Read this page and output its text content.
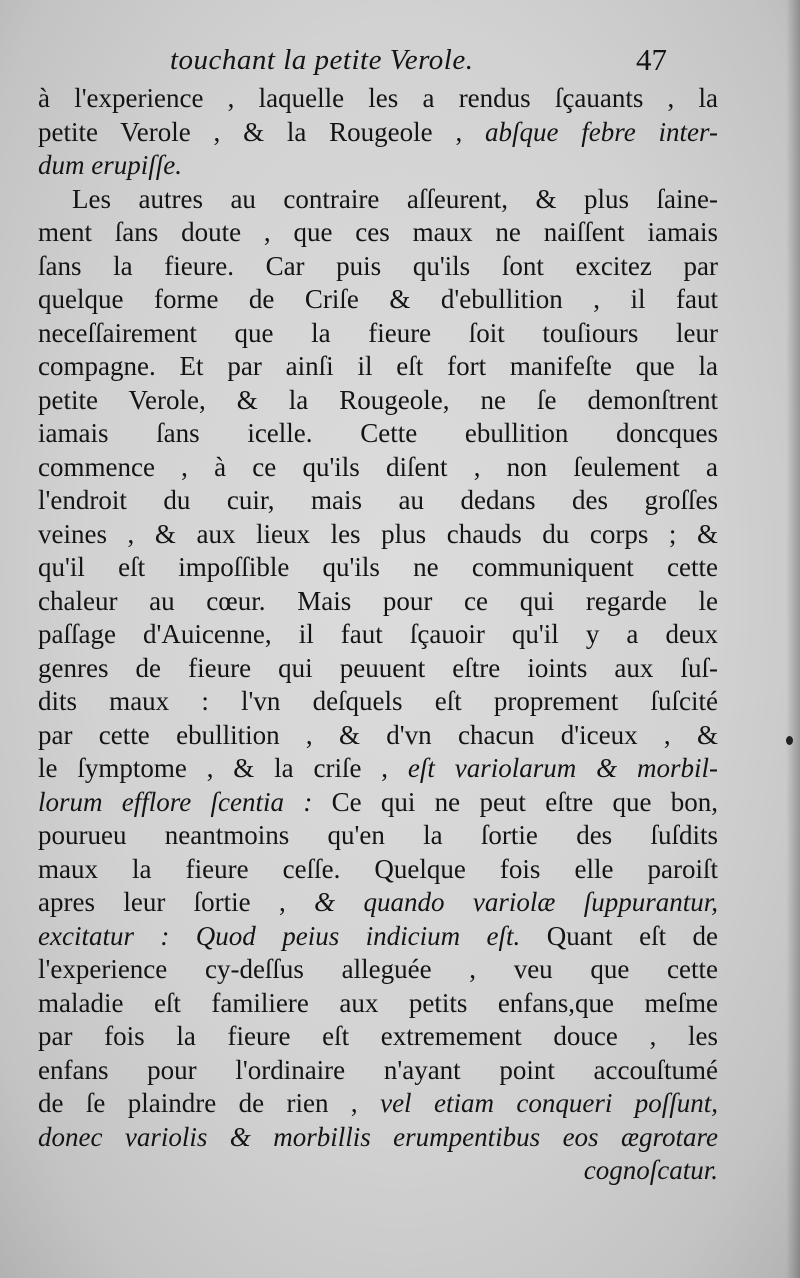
touchant la petite Verole.	47
à l'experience , laquelle les a rendus ſçauants , la
petite Verole , & la Rougeole , abſque febre inter-
dum erupiſſe.
Les autres au contraire aſſeurent, & plus ſaine-
ment ſans doute , que ces maux ne naiſſent iamais
ſans la fieure. Car puis qu'ils ſont excitez par
quelque forme de Criſe & d'ebullition , il faut
neceſſairement que la fieure ſoit touſiours leur
compagne. Et par ainſi il eſt fort manifeſte que la
petite Verole, & la Rougeole, ne ſe demonſtrent
iamais ſans icelle. Cette ebullition doncques
commence , à ce qu'ils diſent , non ſeulement a
l'endroit du cuir, mais au dedans des groſſes
veines , & aux lieux les plus chauds du corps ; &
qu'il eſt impoſſible qu'ils ne communiquent cette
chaleur au cœur. Mais pour ce qui regarde le
paſſage d'Auicenne, il faut ſçauoir qu'il y a deux
genres de fieure qui peuuent eſtre ioints aux ſuſ-
dits maux : l'vn deſquels eſt proprement ſuſcité
par cette ebullition , & d'vn chacun d'iceux , &
le ſymptome , & la criſe , eſt variolarum & morbil-
lorum efflore ſcentia : Ce qui ne peut eſtre que bon,
pourueu neantmoins qu'en la ſortie des ſuſdits
maux la fieure ceſſe. Quelque fois elle paroiſt
apres leur ſortie , & quando variolæ ſuppurantur,
excitatur : Quod peius indicium eſt. Quant eſt de
l'experience cy-deſſus alleguée , veu que cette
maladie eſt familiere aux petits enfans,que meſme
par fois la fieure eſt extremement douce , les
enfans pour l'ordinaire n'ayant point accouſtumé
de ſe plaindre de rien , vel etiam conqueri poſſunt,
donec variolis & morbillis erumpentibus eos ægrotare
cognoſcatur.
